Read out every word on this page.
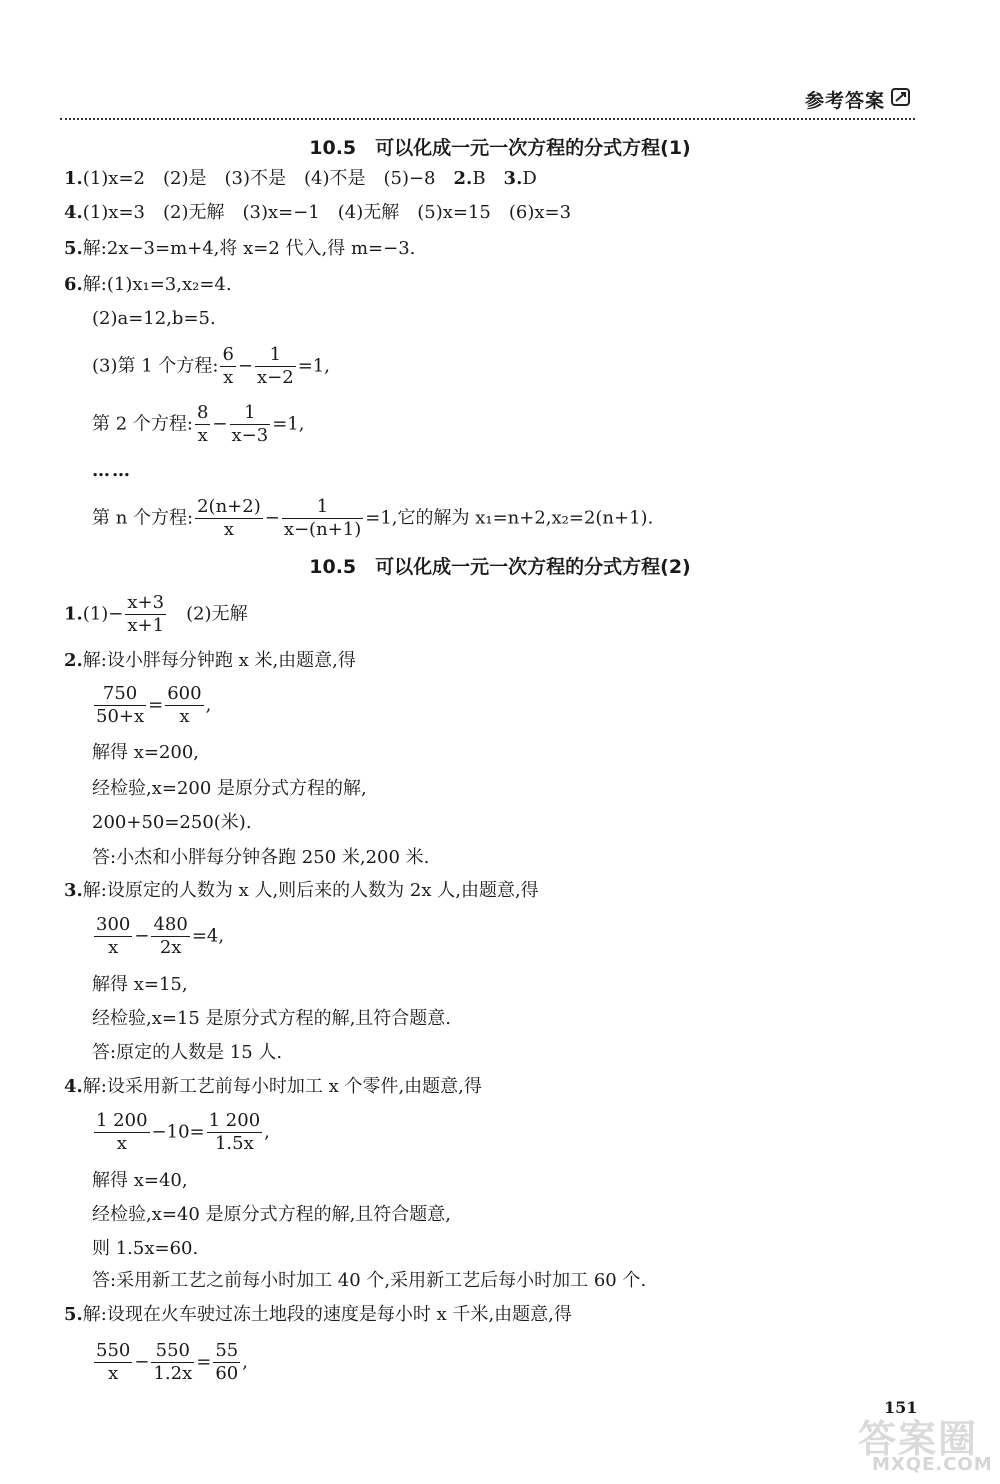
参考答案
10.5　可以化成一元一次方程的分式方程(1)
1.(1)x=2　(2)是　(3)不是　(4)不是　(5)−8　2.B　3.D
4.(1)x=3　(2)无解　(3)x=−1　(4)无解　(5)x=15　(6)x=3
5.解:2x−3=m+4,将 x=2 代入,得 m=−3.
6.解:(1)x₁=3,x₂=4.
(2)a=12,b=5.
(3)第 1 个方程: $\frac{6}{x} - \frac{1}{x-2} =1$,
第 2 个方程: $\frac{8}{x} - \frac{1}{x-3} =1$,
……
第 n 个方程: $\frac{2(n+2)}{x} - \frac{1}{x-(n+1)} =1$,它的解为 x₁=n+2,x₂=2(n+1).
10.5　可以化成一元一次方程的分式方程(2)
$1.(1)- \frac{x+3}{x+1}$ 　(2)无解
2.解:设小胖每分钟跑 x 米,由题意,得
$\frac{750}{50+x} = \frac{600}{x}$ ,
解得 x=200,
经检验,x=200 是原分式方程的解,
200+50=250(米).
答:小杰和小胖每分钟各跑 250 米,200 米.
3.解:设原定的人数为 x 人,则后来的人数为 2x 人,由题意,得
$\frac{300}{x} - \frac{480}{2x} =4$,
解得 x=15,
经检验,x=15 是原分式方程的解,且符合题意.
答:原定的人数是 15 人.
4.解:设采用新工艺前每小时加工 x 个零件,由题意,得
$\frac{1 200}{x} -10= \frac{1 200}{1.5x}$ ,
解得 x=40,
经检验,x=40 是原分式方程的解,且符合题意,
则 1.5x=60.
答:采用新工艺之前每小时加工 40 个,采用新工艺后每小时加工 60 个.
5.解:设现在火车驶过冻土地段的速度是每小时 x 千米,由题意,得
$\frac{550}{x} - \frac{550}{1.2x} = \frac{55}{60}$ ,
151
答案圈
MXQE.COM
